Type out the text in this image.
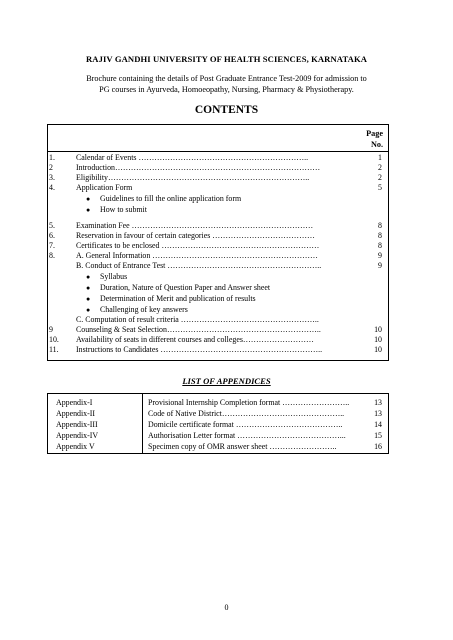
RAJIV GANDHI UNIVERSITY OF HEALTH SCIENCES, KARNATAKA
Brochure containing the details of Post Graduate Entrance Test-2009 for admission to
PG courses in Ayurveda, Homoeopathy, Nursing, Pharmacy & Physiotherapy.
CONTENTS
Page
No.
1.	Calendar of Events ………………………………………………………..	1
2	Introduction……………………………………………………………………	2
3.	Eligibility…………………………………………………………………..	2
4.	Application Form	5
● Guidelines to fill the online application form
● How to submit
5.	Examination Fee ……………………………………………………………	8
6.	Reservation in favour of certain categories …………………………………	8
7.	Certificates to be enclosed ……………………………………………………	8
8.	A. General Information ………………………………………………………	9
B. Conduct of Entrance Test …………………………………………………..	9
● Syllabus
● Duration, Nature of Question Paper and Answer sheet
● Determination of Merit and publication of results
● Challenging of key answers
C. Computation of result criteria ……………………………………………..
9	Counseling & Seat Selection…………………………………………………..	10
10.	Availability of seats in different courses and colleges………………………	10
11.	Instructions to Candidates ……………………………………………………..	10
LIST OF APPENDICES
Appendix-I	Provisional Internship Completion format ……………………..	13
Appendix-II	Code of Native District………………………………………..	13
Appendix-III	Domicile certificate format …………………………………..	14
Appendix-IV	Authorisation Letter format …………………………………...	15
Appendix V	Specimen copy of OMR answer sheet ……………………..	16
0
